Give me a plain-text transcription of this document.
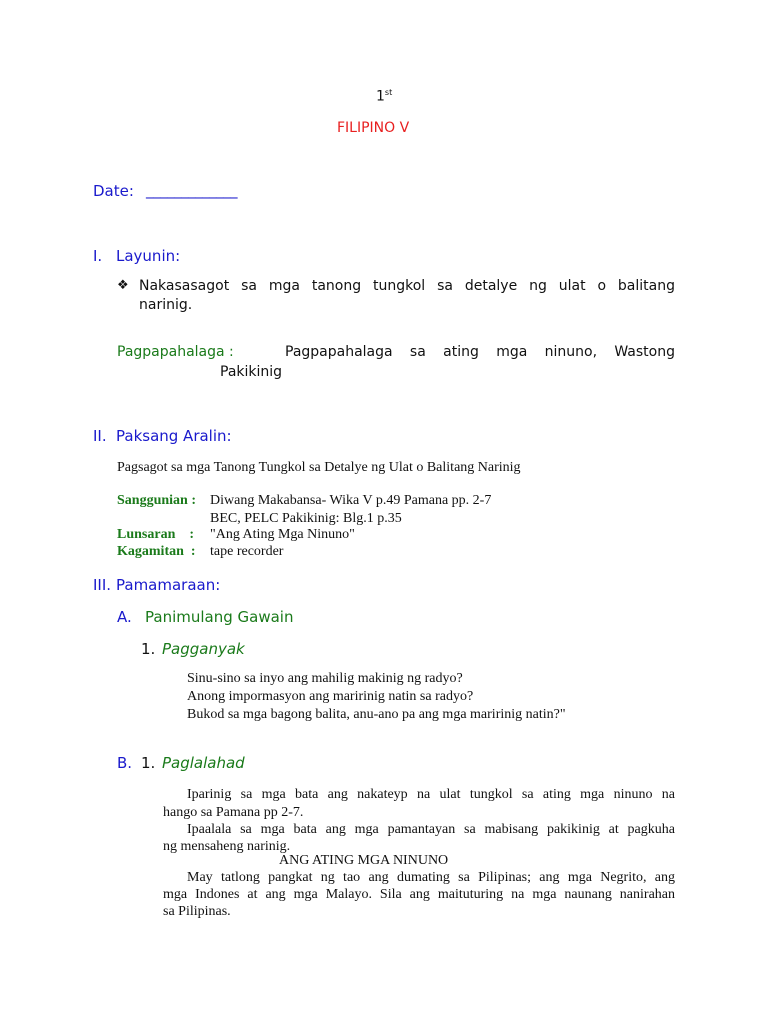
1st
FILIPINO V
Date: _____________
I. Layunin:
❖ Nakasasagot sa mga tanong tungkol sa detalye ng ulat o balitang
narinig.
Pagpapahalaga :	Pagpapahalaga sa ating mga ninuno, Wastong
Pakikinig
II. Paksang Aralin:
Pagsagot sa mga Tanong Tungkol sa Detalye ng Ulat o Balitang Narinig
Sanggunian : Diwang Makabansa- Wika V p.49 Pamana pp. 2-7
BEC, PELC Pakikinig: Blg.1 p.35
Lunsaran    : "Ang Ating Mga Ninuno"
Kagamitan  : tape recorder
III. Pamamaraan:
A. Panimulang Gawain
1. Pagganyak
Sinu-sino sa inyo ang mahilig makinig ng radyo?
Anong impormasyon ang maririnig natin sa radyo?
Bukod sa mga bagong balita, anu-ano pa ang mga maririnig natin?"
B. 1. Paglalahad
Iparinig sa mga bata ang nakateyp na ulat tungkol sa ating mga ninuno na
hango sa Pamana pp 2-7.
Ipaalala sa mga bata ang mga pamantayan sa mabisang pakikinig at pagkuha
ng mensaheng narinig.
ANG ATING MGA NINUNO
May tatlong pangkat ng tao ang dumating sa Pilipinas; ang mga Negrito, ang
mga Indones at ang mga Malayo. Sila ang maituturing na mga naunang nanirahan
sa Pilipinas.
